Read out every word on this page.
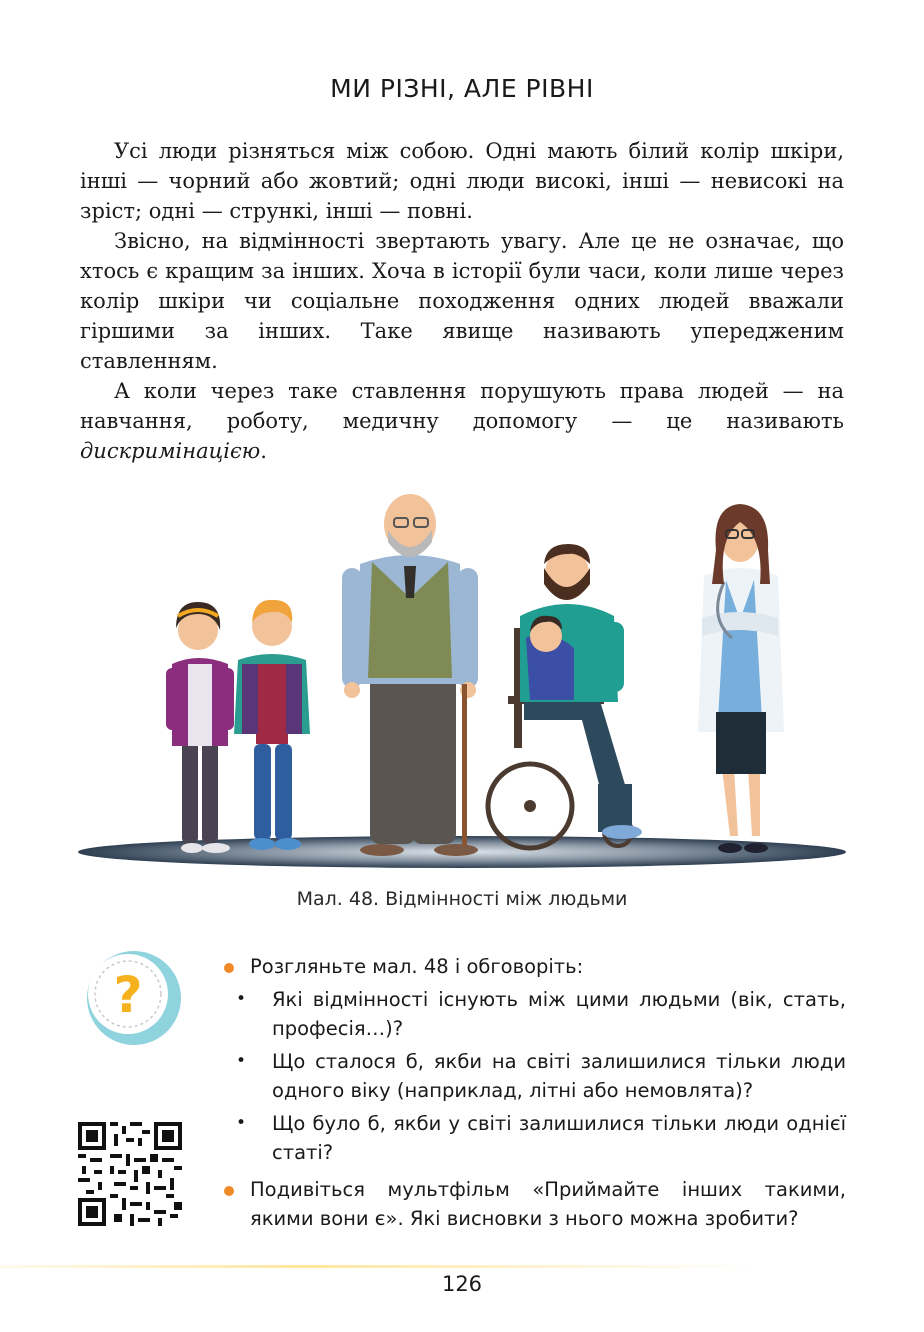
МИ РІЗНІ, АЛЕ РІВНІ

Усі люди різняться між собою. Одні мають білий колір шкіри, інші — чорний або жовтий; одні люди високі, інші — невисокі на зріст; одні — стрункі, інші — повні.

Звісно, на відмінності звертають увагу. Але це не означає, що хтось є кращим за інших. Хоча в історії були часи, коли лише через колір шкіри чи соціальне походження одних людей вважали гіршими за інших. Таке явище називають упередженим ставленням.

А коли через таке ставлення порушують права людей — на навчання, роботу, медичну допомогу — це називають дискримінацією.

Мал. 48. Відмінності між людьми
?	Розгляньте мал. 48 і обговоріть:
• Які відмінності існують між цими людьми (вік, стать, професія…)?
• Що сталося б, якби на світі залишилися тільки люди одного віку (наприклад, літні або немовлята)?
• Що було б, якби у світі залишилися тільки люди однієї статі?
Подивіться мультфільм «Приймайте інших такими, якими вони є». Які висновки з нього можна зробити?
126
